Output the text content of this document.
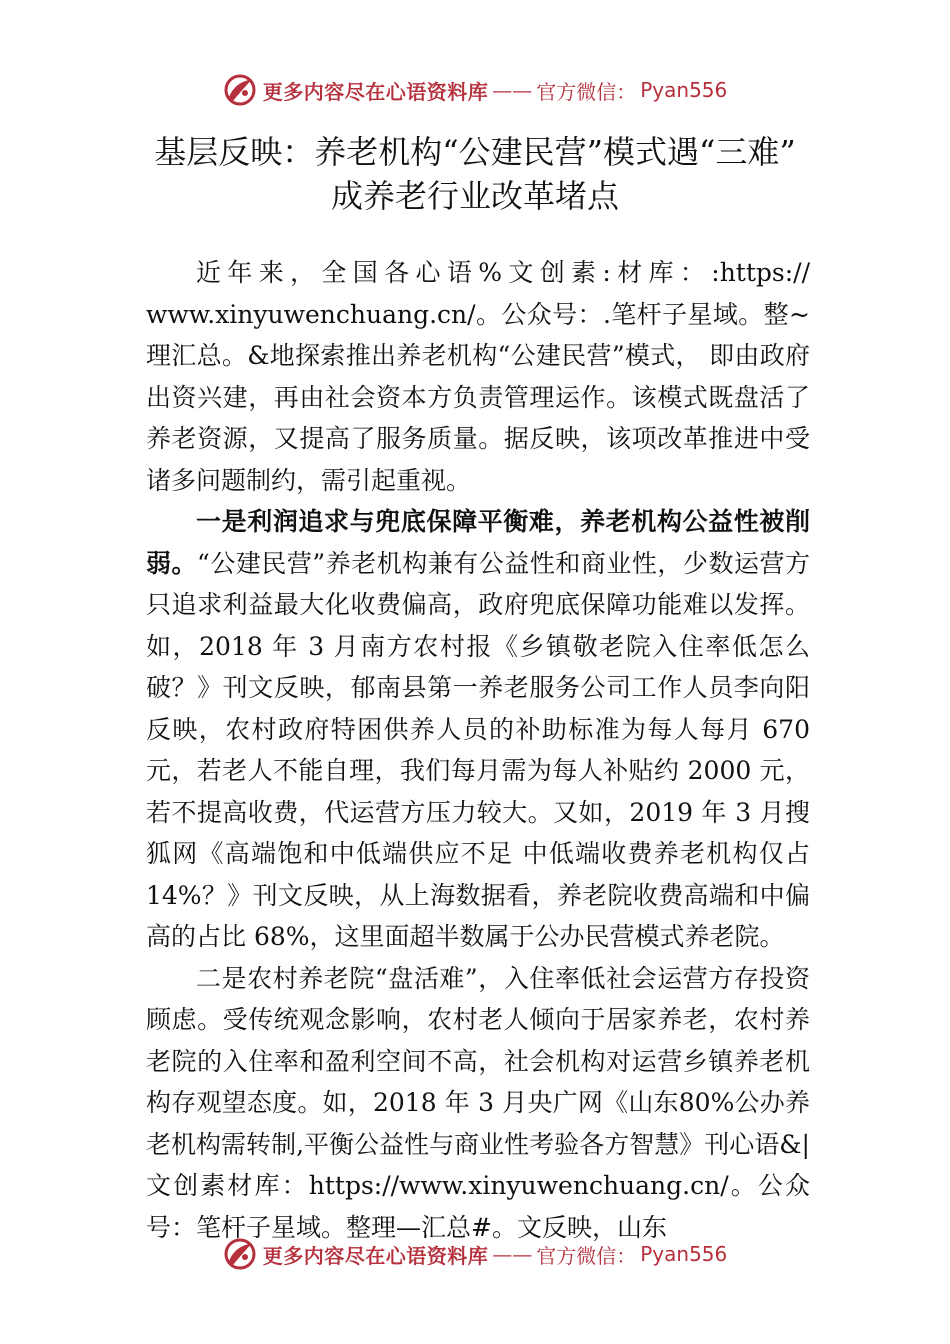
更多内容尽在心语资料库 —— 官方微信： Pyan556
基层反映：养老机构“公建民营”模式遇“三难”
成养老行业改革堵点

近年来，全国各心语%文创素:材库：:https:// www.xinyuwenchuang.cn/。公众号：.笔杆子星域。整~理汇总。&地探索推出养老机构“公建民营”模式， 即由政府出资兴建，再由社会资本方负责管理运作。该模式既盘活了养老资源，又提高了服务质量。据反映，该项改革推进中受诸多问题制约，需引起重视。

一是利润追求与兜底保障平衡难，养老机构公益性被削弱。“公建民营”养老机构兼有公益性和商业性，少数运营方只追求利益最大化收费偏高，政府兜底保障功能难以发挥。如，2018 年 3 月南方农村报《乡镇敬老院入住率低怎么破？》刊文反映，郁南县第一养老服务公司工作人员李向阳反映，农村政府特困供养人员的补助标准为每人每月 670 元，若老人不能自理，我们每月需为每人补贴约 2000 元，若不提高收费，代运营方压力较大。又如，2019 年 3 月搜狐网《高端饱和中低端供应不足 中低端收费养老机构仅占 14%？》刊文反映，从上海数据看，养老院收费高端和中偏高的占比 68%，这里面超半数属于公办民营模式养老院。

二是农村养老院“盘活难”，入住率低社会运营方存投资顾虑。受传统观念影响，农村老人倾向于居家养老，农村养老院的入住率和盈利空间不高，社会机构对运营乡镇养老机构存观望态度。如，2018 年 3 月央广网《山东80%公办养老机构需转制,平衡公益性与商业性考验各方智慧》刊心语&|文创素材库：https://www.xinyuwenchuang.cn/。公众号：笔杆子星域。整理—汇总#。文反映，山东

更多内容尽在心语资料库 —— 官方微信： Pyan556
